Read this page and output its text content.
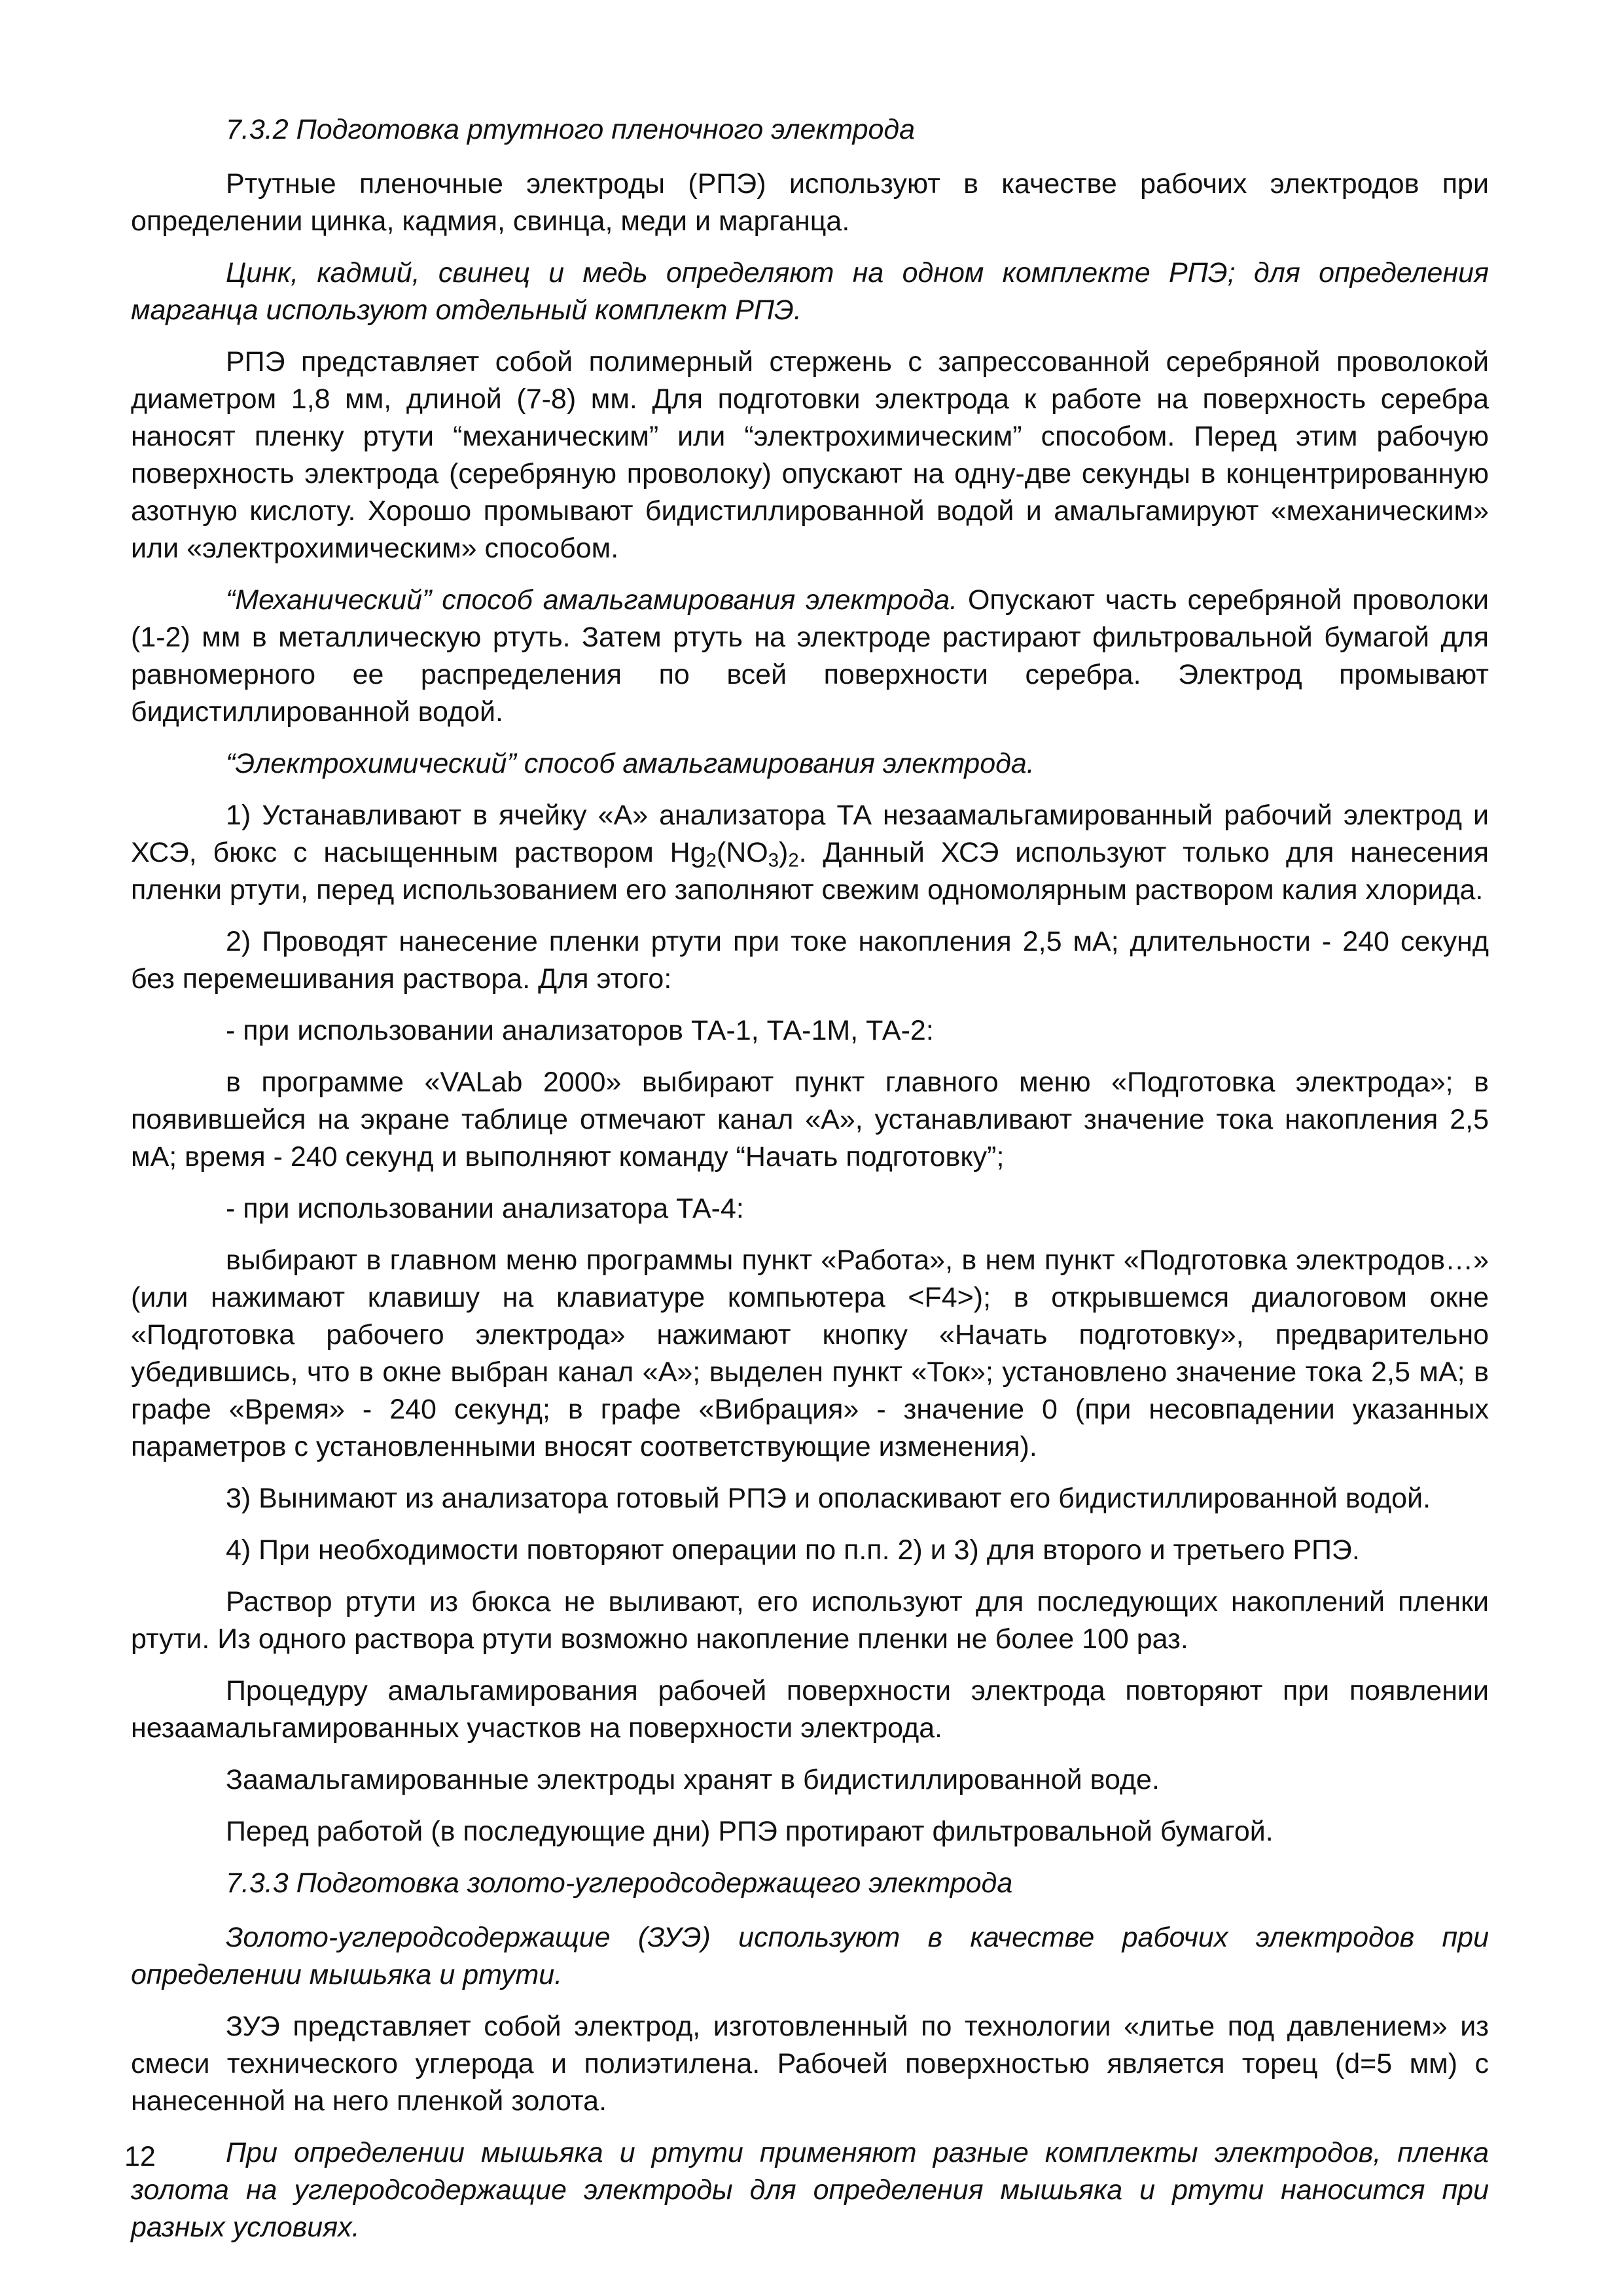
7.3.2 Подготовка ртутного пленочного электрода

Ртутные пленочные электроды (РПЭ) используют в качестве рабочих электродов при определении цинка, кадмия, свинца, меди и марганца.

Цинк, кадмий, свинец и медь определяют на одном комплекте РПЭ; для определения марганца используют отдельный комплект РПЭ.

РПЭ представляет собой полимерный стержень с запрессованной серебряной проволокой диаметром 1,8 мм, длиной (7-8) мм. Для подготовки электрода к работе на поверхность серебра наносят пленку ртути “механическим” или “электрохимическим” способом. Перед этим рабочую поверхность электрода (серебряную проволоку) опускают на одну-две секунды в концентрированную азотную кислоту. Хорошо промывают бидистиллированной водой и амальгамируют «механическим» или «электрохимическим» способом.

“Механический” способ амальгамирования электрода. Опускают часть серебряной проволоки (1-2) мм в металлическую ртуть. Затем ртуть на электроде растирают фильтровальной бумагой для равномерного ее распределения по всей поверхности серебра. Электрод промывают бидистиллированной водой.

“Электрохимический” способ амальгамирования электрода.

1) Устанавливают в ячейку «А» анализатора ТА незаамальгамированный рабочий электрод и ХСЭ, бюкс с насыщенным раствором $Hg_2(NO_3)_2$. Данный ХСЭ используют только для нанесения пленки ртути, перед использованием его заполняют свежим одномолярным раствором калия хлорида.

2) Проводят нанесение пленки ртути при токе накопления 2,5 мА; длительности - 240 секунд без перемешивания раствора. Для этого:

- при использовании анализаторов ТА-1, ТА-1М, ТА-2:

в программе «VALab 2000» выбирают пункт главного меню «Подготовка электрода»; в появившейся на экране таблице отмечают канал «А», устанавливают значение тока накопления 2,5 мА; время - 240 секунд и выполняют команду “Начать подготовку”;

- при использовании анализатора ТА-4:

выбирают в главном меню программы пункт «Работа», в нем пункт «Подготовка электродов…» (или нажимают клавишу на клавиатуре компьютера <F4>); в открывшемся диалоговом окне «Подготовка рабочего электрода» нажимают кнопку «Начать подготовку», предварительно убедившись, что в окне выбран канал «А»; выделен пункт «Ток»; установлено значение тока 2,5 мА; в графе «Время» - 240 секунд; в графе «Вибрация» - значение 0 (при несовпадении указанных параметров с установленными вносят соответствующие изменения).

3) Вынимают из анализатора готовый РПЭ и ополаскивают его бидистиллированной водой.

4) При необходимости повторяют операции по п.п. 2) и 3) для второго и третьего РПЭ.

Раствор ртути из бюкса не выливают, его используют для последующих накоплений пленки ртути. Из одного раствора ртути возможно накопление пленки не более 100 раз.

Процедуру амальгамирования рабочей поверхности электрода повторяют при появлении незаамальгамированных участков на поверхности электрода.

Заамальгамированные электроды хранят в бидистиллированной воде.

Перед работой (в последующие дни) РПЭ протирают фильтровальной бумагой.

7.3.3 Подготовка золото-углеродсодержащего электрода

Золото-углеродсодержащие (ЗУЭ) используют в качестве рабочих электродов при определении мышьяка и ртути.

ЗУЭ представляет собой электрод, изготовленный по технологии «литье под давлением» из смеси технического углерода и полиэтилена. Рабочей поверхностью является торец (d=5 мм) с нанесенной на него пленкой золота.

При определении мышьяка и ртути применяют разные комплекты электродов, пленка золота на углеродсодержащие электроды для определения мышьяка и ртути наносится при разных условиях.

12
